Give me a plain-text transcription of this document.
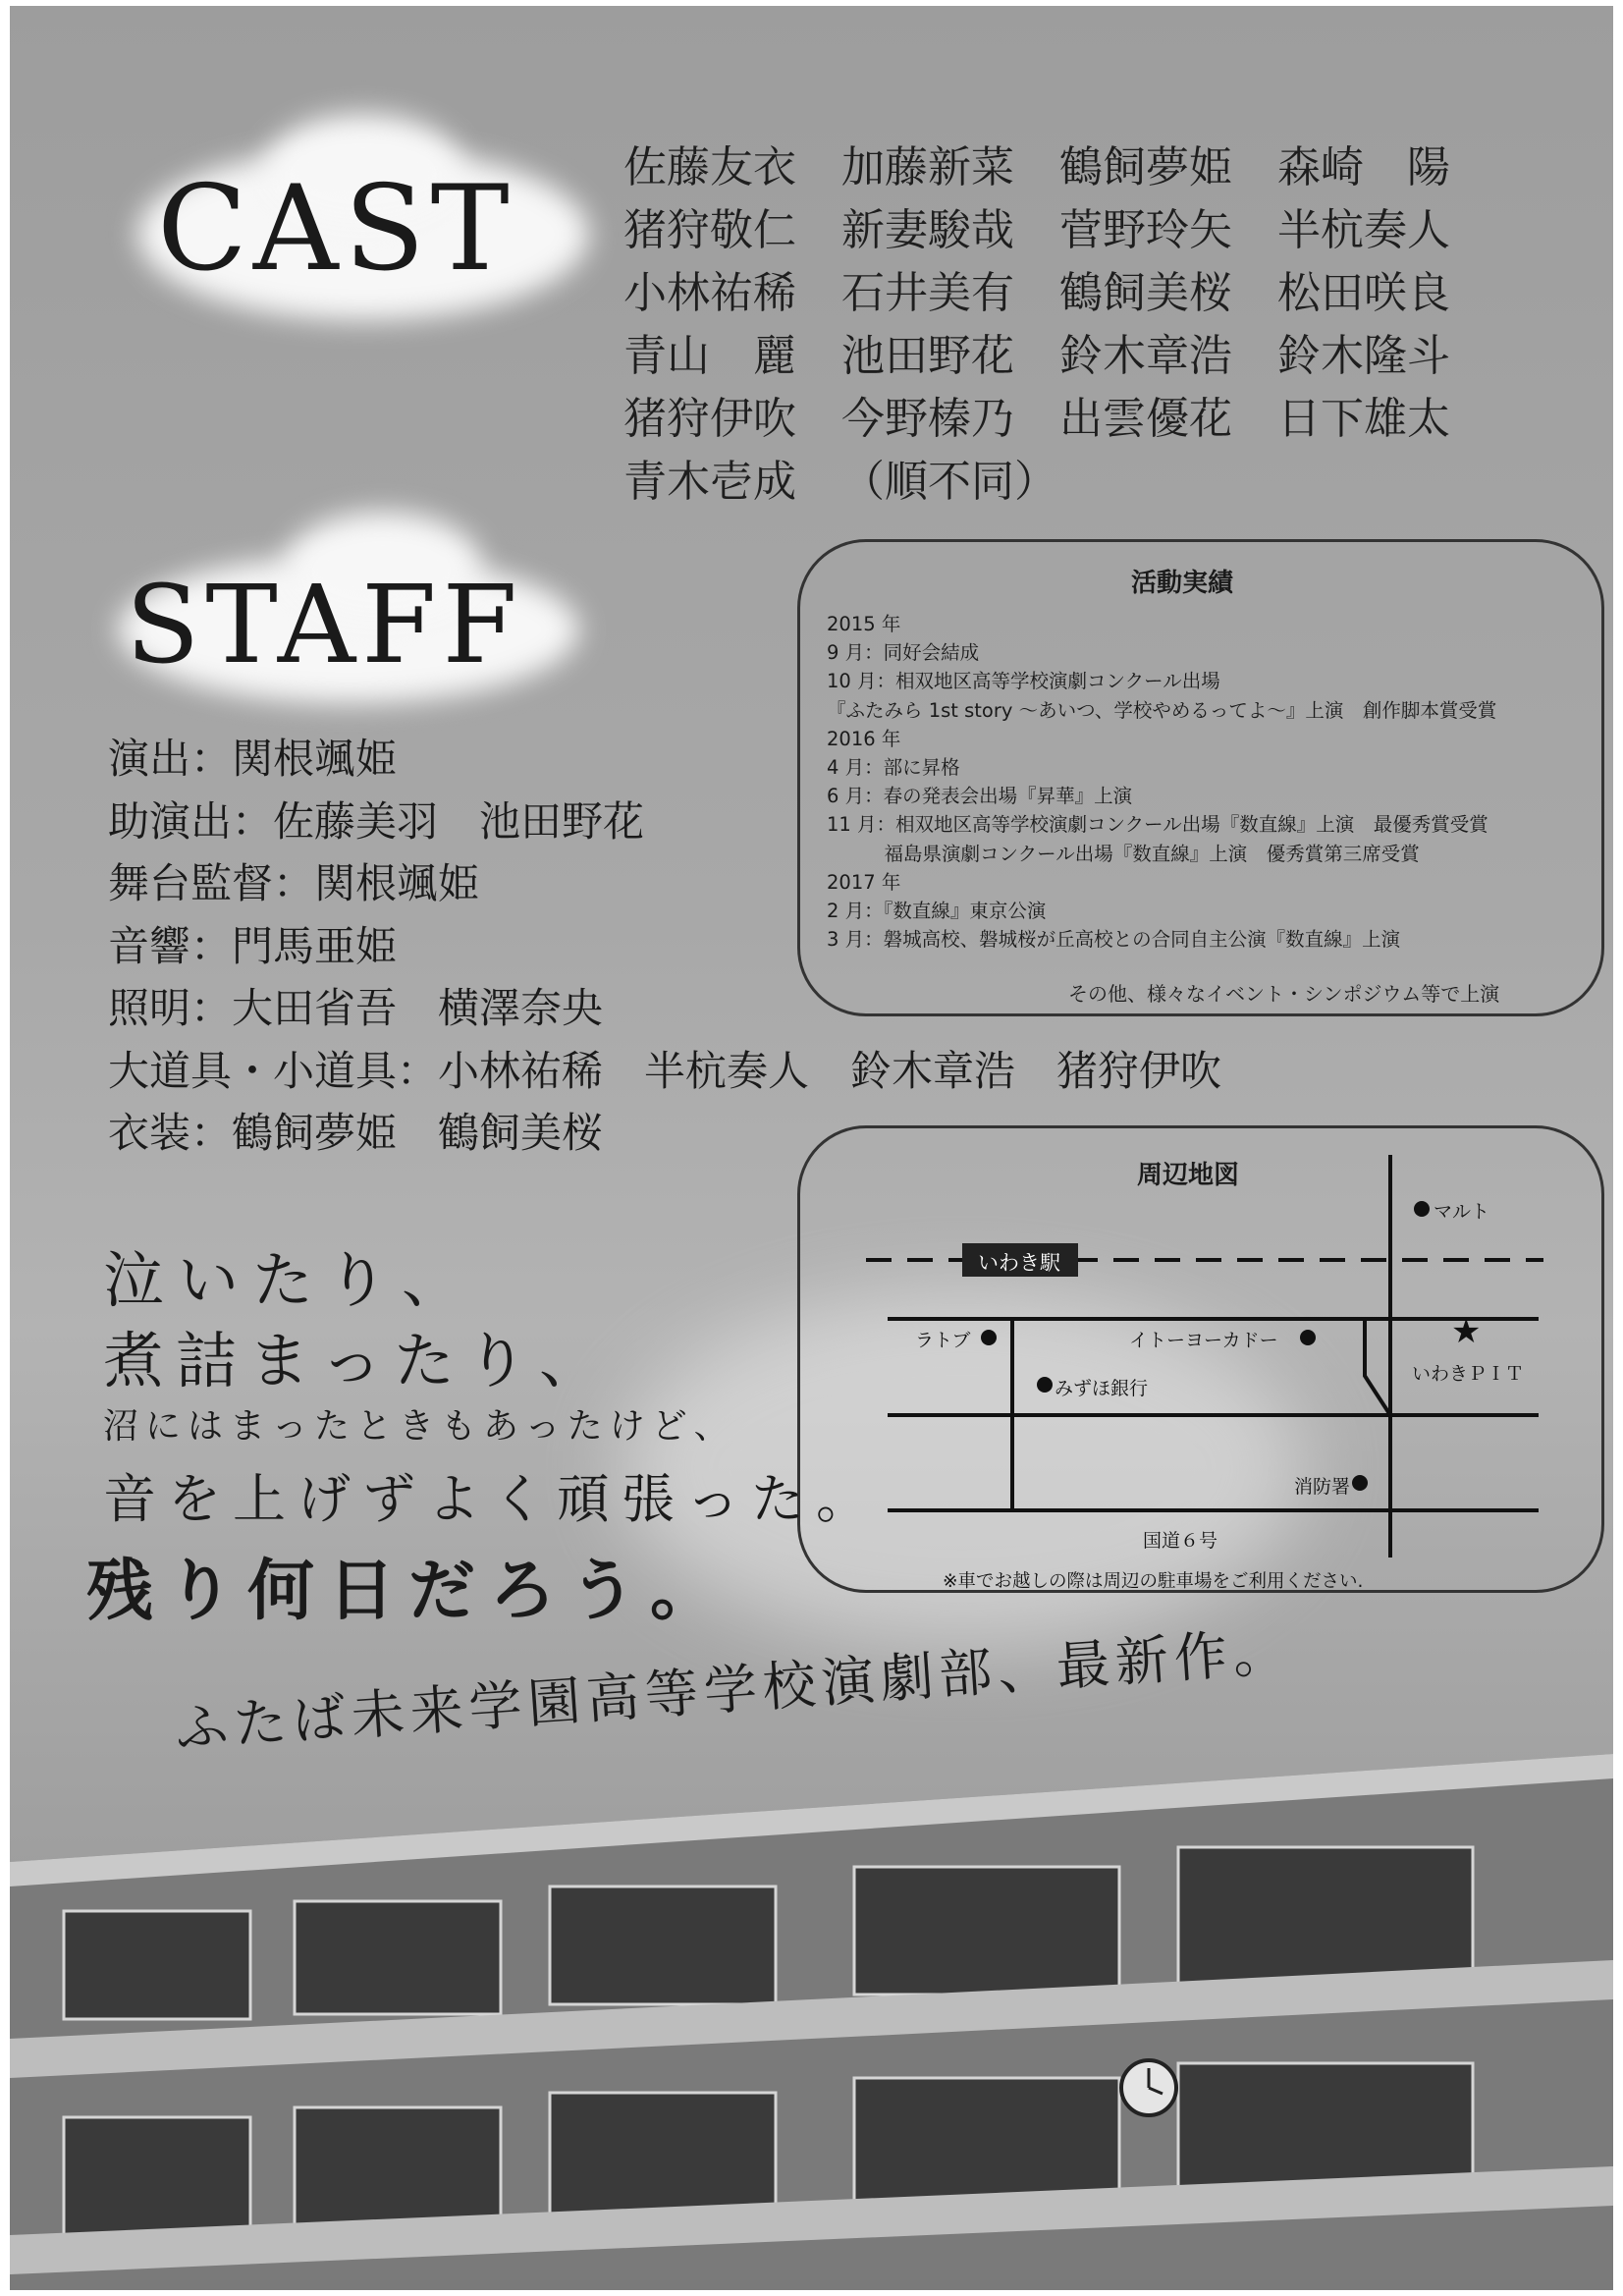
CAST	佐藤友衣	加藤新菜	鶴飼夢姫	森崎　陽
猪狩敬仁	新妻駿哉	菅野玲矢	半杭奏人
小林祐稀	石井美有	鶴飼美桜	松田咲良
青山　麗	池田野花	鈴木章浩	鈴木隆斗
猪狩伊吹	今野榛乃	出雲優花	日下雄太
青木壱成	（順不同）
STAFF
演出：関根颯姫
助演出：佐藤美羽　池田野花
舞台監督：関根颯姫
音響：門馬亜姫
照明：大田省吾　横澤奈央
大道具・小道具：小林祐稀　半杭奏人　鈴木章浩　猪狩伊吹
衣装：鶴飼夢姫　鶴飼美桜
活動実績
2015 年
9 月：同好会結成
10 月：相双地区高等学校演劇コンクール出場
『ふたみら 1st story ～あいつ、学校やめるってよ～』上演　創作脚本賞受賞
2016 年
4 月：部に昇格
6 月：春の発表会出場『昇華』上演
11 月：相双地区高等学校演劇コンクール出場『数直線』上演　最優秀賞受賞
　　　福島県演劇コンクール出場『数直線』上演　優秀賞第三席受賞
2017 年
2 月：『数直線』東京公演
3 月：磐城高校、磐城桜が丘高校との合同自主公演『数直線』上演
その他、様々なイベント・シンポジウム等で上演
周辺地図
いわき駅
マルト
ラトブ	イトーヨーカドー	★
いわきＰＩＴ
みずほ銀行
消防署
国道６号
※車でお越しの際は周辺の駐車場をご利用ください.
泣いたり、
煮詰まったり、
沼にはまったときもあったけど、
音を上げずよく頑張った。
残り何日だろう。
ふたば未来学園高等学校演劇部、最新作。
